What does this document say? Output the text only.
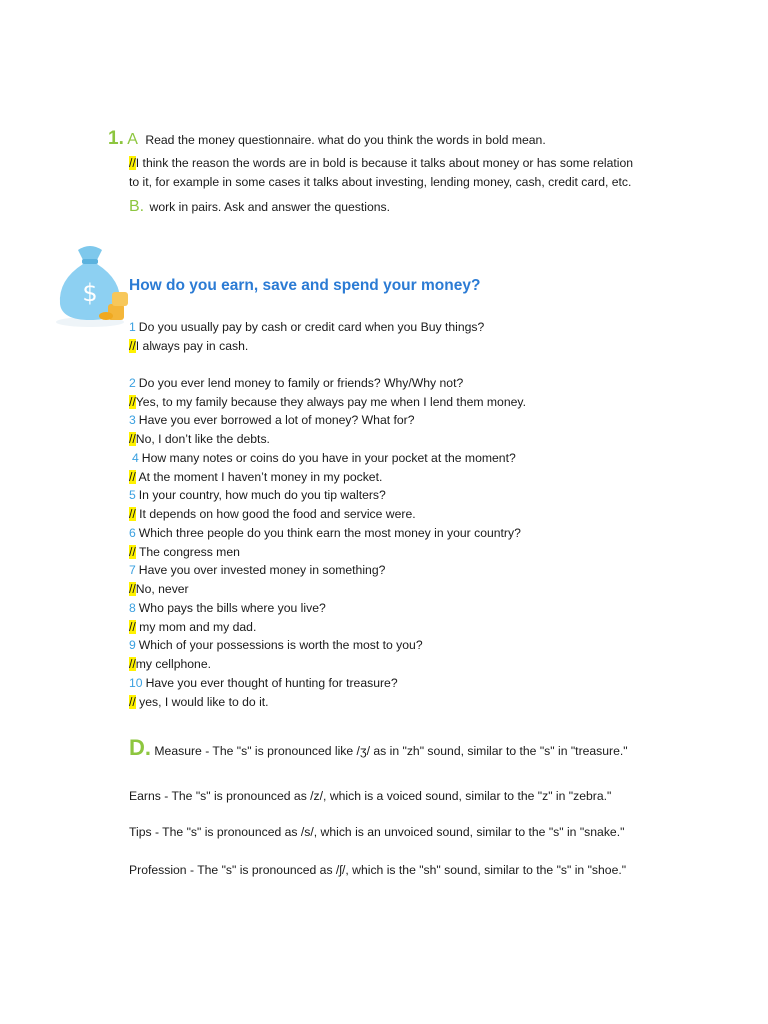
1. A Read the money questionnaire. what do you think the words in bold mean.
//I think the reason the words are in bold is because it talks about money or has some relation
to it, for example in some cases it talks about investing, lending money, cash, credit card, etc.
B. work in pairs. Ask and answer the questions.
$ How do you earn, save and spend your money?
1 Do you usually pay by cash or credit card when you Buy things?
//I always pay in cash.
2 Do you ever lend money to family or friends? Why/Why not?
//Yes, to my family because they always pay me when I lend them money.
3 Have you ever borrowed a lot of money? What for?
//No, I don’t like the debts.
4 How many notes or coins do you have in your pocket at the moment?
// At the moment I haven’t money in my pocket.
5 In your country, how much do you tip walters?
// It depends on how good the food and service were.
6 Which three people do you think earn the most money in your country?
// The congress men
7 Have you over invested money in something?
//No, never
8 Who pays the bills where you live?
// my mom and my dad.
9 Which of your possessions is worth the most to you?
//my cellphone.
10 Have you ever thought of hunting for treasure?
// yes, I would like to do it.
D. Measure - The "s" is pronounced like /ʒ/ as in "zh" sound, similar to the "s" in "treasure."
Earns - The "s" is pronounced as /z/, which is a voiced sound, similar to the "z" in "zebra."
Tips - The "s" is pronounced as /s/, which is an unvoiced sound, similar to the "s" in "snake."
Profession - The "s" is pronounced as /ʃ/, which is the "sh" sound, similar to the "s" in "shoe."
